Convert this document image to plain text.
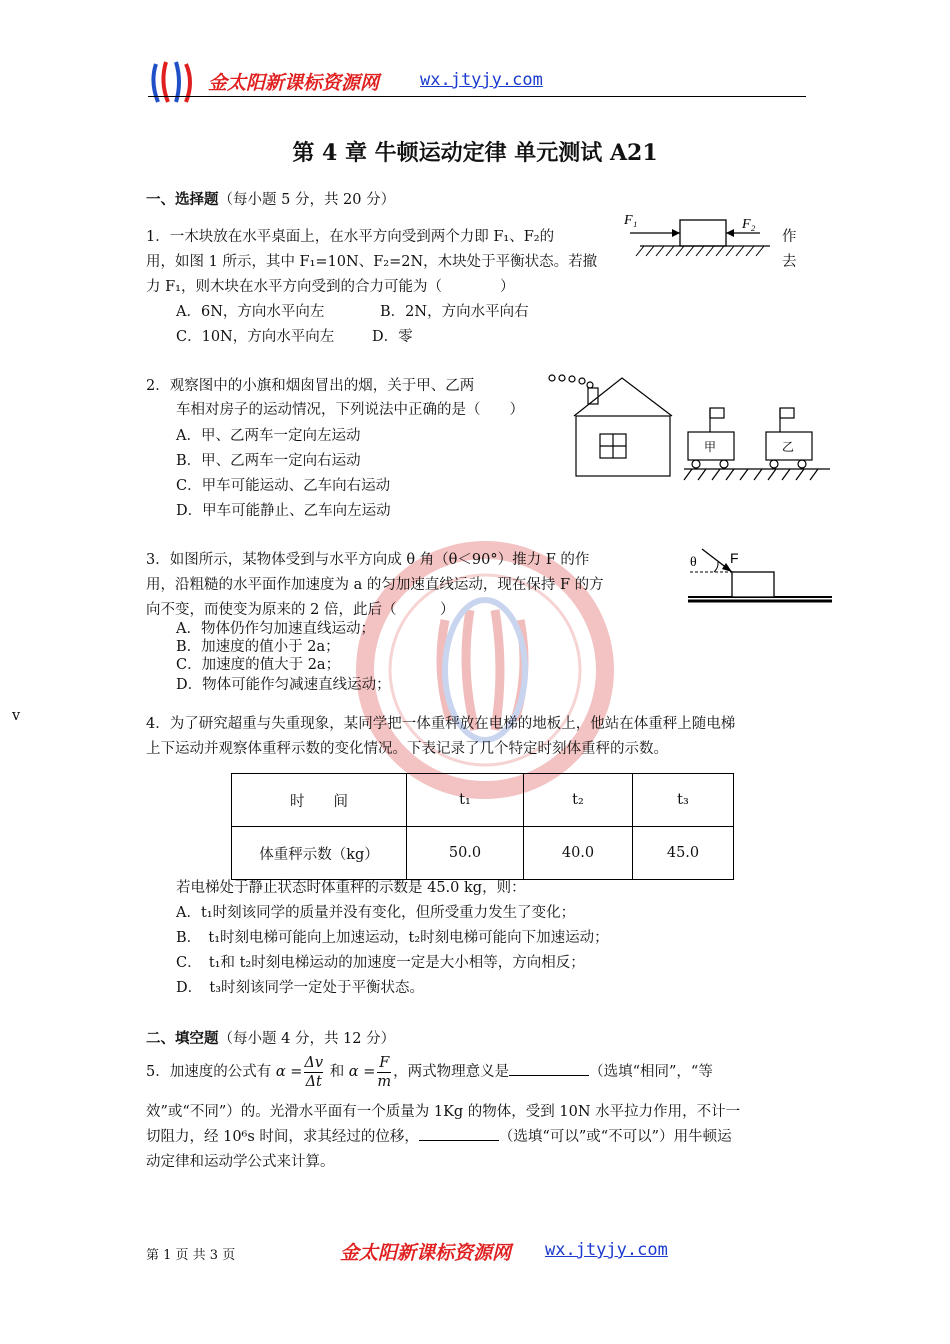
金太阳新课标资源网 wx.jtyjy.com
第 4 章 牛顿运动定律 单元测试 A21
一、选择题（每小题 5 分，共 20 分）
1．一木块放在水平桌面上，在水平方向受到两个力即 F₁、F₂的
用，如图 1 所示，其中 F₁=10N、F₂=2N，木块处于平衡状态。若撤
力 F₁，则木块在水平方向受到的合力可能为（　　　　）
作
去
A．6N，方向水平向左	B．2N，方向水平向右
C．10N，方向水平向左	D．零
F₁	F₂
2．观察图中的小旗和烟囱冒出的烟，关于甲、乙两
车相对房子的运动情况，下列说法中正确的是（　　）
A．甲、乙两车一定向左运动
B．甲、乙两车一定向右运动
C．甲车可能运动、乙车向右运动
D．甲车可能静止、乙车向左运动
甲	乙
3．如图所示，某物体受到与水平方向成 θ 角（θ＜90°）推力 F 的作
用，沿粗糙的水平面作加速度为 a 的匀加速直线运动，现在保持 F 的方
向不变，而使变为原来的 2 倍，此后（　　　）
A．物体仍作匀加速直线运动；
B．加速度的值小于 2a；
C．加速度的值大于 2a；
D．物体可能作匀减速直线运动；
θ F
v	4．为了研究超重与失重现象，某同学把一体重秤放在电梯的地板上，他站在体重秤上随电梯
上下运动并观察体重秤示数的变化情况。下表记录了几个特定时刻体重秤的示数。
时　　间	t₁	t₂	t₃
体重秤示数（kg）	50.0	40.0	45.0
若电梯处于静止状态时体重秤的示数是 45.0 kg，则：
A．t₁时刻该同学的质量并没有变化，但所受重力发生了变化；
B．　t₁时刻电梯可能向上加速运动，t₂时刻电梯可能向下加速运动；
C．　t₁和 t₂时刻电梯运动的加速度一定是大小相等，方向相反；
D．　t₃时刻该同学一定处于平衡状态。
二、填空题（每小题 4 分，共 12 分）
5．加速度的公式有 $\alpha = \frac{\Delta v}{\Delta t}$ 和 $\alpha = \frac{F}{m}$ ，两式物理意义是	（选填“相同”，“等
效”或“不同”）的。光滑水平面有一个质量为 1Kg 的物体，受到 10N 水平拉力作用，不计一
切阻力，经 10⁶s 时间，求其经过的位移，	（选填“可以”或“不可以”）用牛顿运
动定律和运动学公式来计算。
第 1 页 共 3 页	金太阳新课标资源网 wx.jtyjy.com
